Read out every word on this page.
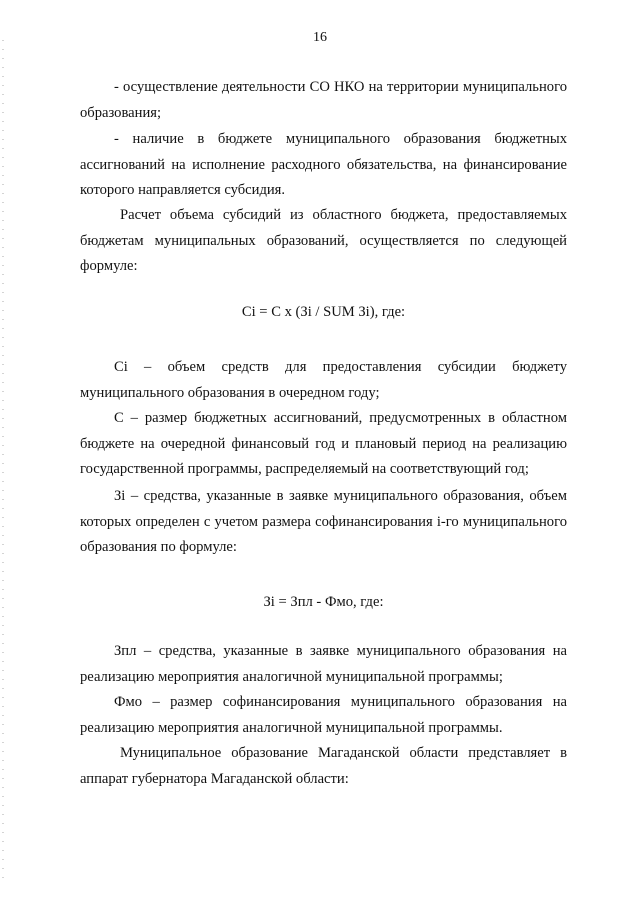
16

- осуществление деятельности СО НКО на территории муниципального образования;

- наличие в бюджете муниципального образования бюджетных ассигнований на исполнение расходного обязательства, на финансирование которого направляется субсидия.

Расчет объема субсидий из областного бюджета, предоставляемых бюджетам муниципальных образований, осуществляется по следующей формуле:

Ci = C x (Зi / SUM Зi), где:

Ci – объем средств для предоставления субсидии бюджету муниципального образования в очередном году;

C – размер бюджетных ассигнований, предусмотренных в областном бюджете на очередной финансовый год и плановый период на реализацию государственной программы, распределяемый на соответствующий год;

Зi – средства, указанные в заявке муниципального образования, объем которых определен с учетом размера софинансирования i-го муниципального образования по формуле:

Зi = Зпл - Фмо, где:

Зпл – средства, указанные в заявке муниципального образования на реализацию мероприятия аналогичной муниципальной программы;

Фмо – размер софинансирования муниципального образования на реализацию мероприятия аналогичной муниципальной программы.

Муниципальное образование Магаданской области представляет в аппарат губернатора Магаданской области:
